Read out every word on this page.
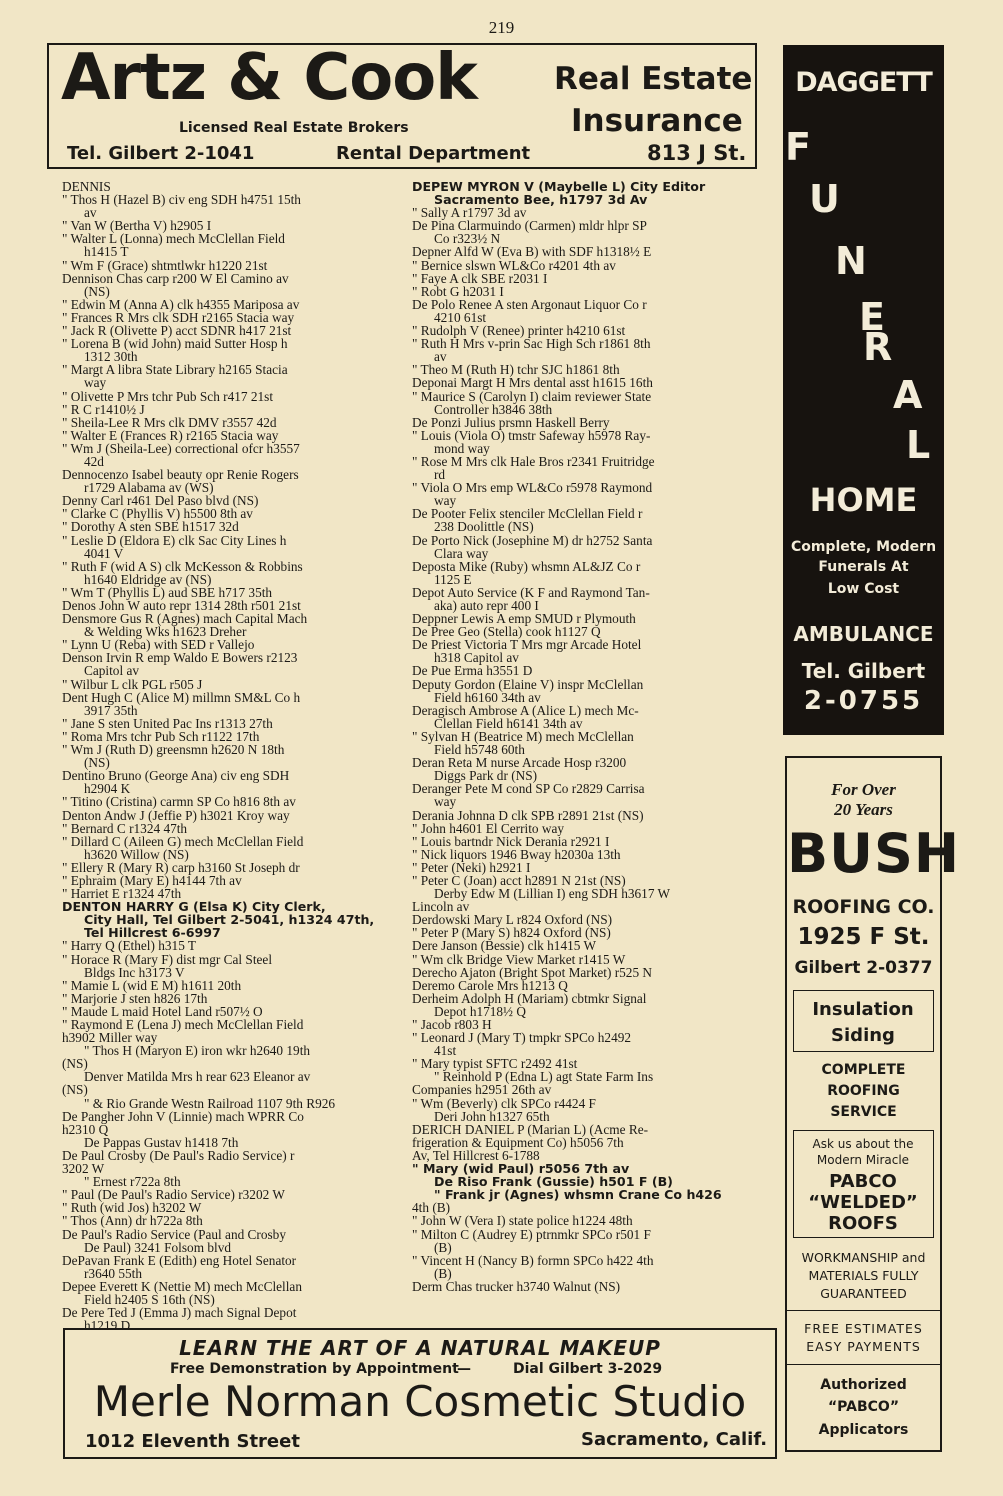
219
Artz & Cook Real Estate
Insurance
Licensed Real Estate Brokers
Tel. Gilbert 2-1041	Rental Department	813 J St.
DAGGETT
F
U
N
E
R
A
L
HOME
Complete, Modern
Funerals At
Low Cost
AMBULANCE
Tel. Gilbert
2-0755
For Over
20 Years
BUSH
ROOFING CO.
1925 F St.
Gilbert 2-0377
Insulation
Siding
COMPLETE
ROOFING
SERVICE
Ask us about the
Modern Miracle
PABCO
“WELDED”
ROOFS
WORKMANSHIP and
MATERIALS FULLY
GUARANTEED
FREE ESTIMATES
EASY PAYMENTS
Authorized
“PABCO”
Applicators
DENNIS
" Thos H (Hazel B) civ eng SDH h4751 15th
av
" Van W (Bertha V) h2905 I
" Walter L (Lonna) mech McClellan Field
h1415 T
" Wm F (Grace) shtmtlwkr h1220 21st
Dennison Chas carp r200 W El Camino av
(NS)
" Edwin M (Anna A) clk h4355 Mariposa av
" Frances R Mrs clk SDH r2165 Stacia way
" Jack R (Olivette P) acct SDNR h417 21st
" Lorena B (wid John) maid Sutter Hosp h
1312 30th
" Margt A libra State Library h2165 Stacia
way
" Olivette P Mrs tchr Pub Sch r417 21st
" R C r1410½ J
" Sheila-Lee R Mrs clk DMV r3557 42d
" Walter E (Frances R) r2165 Stacia way
" Wm J (Sheila-Lee) correctional ofcr h3557
42d
Dennocenzo Isabel beauty opr Renie Rogers
r1729 Alabama av (WS)
Denny Carl r461 Del Paso blvd (NS)
" Clarke C (Phyllis V) h5500 8th av
" Dorothy A sten SBE h1517 32d
" Leslie D (Eldora E) clk Sac City Lines h
4041 V
" Ruth F (wid A S) clk McKesson & Robbins
h1640 Eldridge av (NS)
" Wm T (Phyllis L) aud SBE h717 35th
Denos John W auto repr 1314 28th r501 21st
Densmore Gus R (Agnes) mach Capital Mach
& Welding Wks h1623 Dreher
" Lynn U (Reba) with SED r Vallejo
Denson Irvin R emp Waldo E Bowers r2123
Capitol av
" Wilbur L clk PGL r505 J
Dent Hugh C (Alice M) millmn SM&L Co h
3917 35th
" Jane S sten United Pac Ins r1313 27th
" Roma Mrs tchr Pub Sch r1122 17th
" Wm J (Ruth D) greensmn h2620 N 18th
(NS)
Dentino Bruno (George Ana) civ eng SDH
h2904 K
" Titino (Cristina) carmn SP Co h816 8th av
Denton Andw J (Jeffie P) h3021 Kroy way
" Bernard C r1324 47th
" Dillard C (Aileen G) mech McClellan Field
h3620 Willow (NS)
" Ellery R (Mary R) carp h3160 St Joseph dr
" Ephraim (Mary E) h4144 7th av
" Harriet E r1324 47th
DENTON HARRY G (Elsa K) City Clerk,
City Hall, Tel Gilbert 2-5041, h1324 47th,
Tel Hillcrest 6-6997
" Harry Q (Ethel) h315 T
" Horace R (Mary F) dist mgr Cal Steel
Bldgs Inc h3173 V
" Mamie L (wid E M) h1611 20th
" Marjorie J sten h826 17th
" Maude L maid Hotel Land r507½ O
" Raymond E (Lena J) mech McClellan Field
h3902 Miller way
" Thos H (Maryon E) iron wkr h2640 19th
(NS)
Denver Matilda Mrs h rear 623 Eleanor av
(NS)
" & Rio Grande Westn Railroad 1107 9th R926
De Pangher John V (Linnie) mach WPRR Co
h2310 Q
De Pappas Gustav h1418 7th
De Paul Crosby (De Paul's Radio Service) r
3202 W
" Ernest r722a 8th
" Paul (De Paul's Radio Service) r3202 W
" Ruth (wid Jos) h3202 W
" Thos (Ann) dr h722a 8th
De Paul's Radio Service (Paul and Crosby
De Paul) 3241 Folsom blvd
DePavan Frank E (Edith) eng Hotel Senator
r3640 55th
Depee Everett K (Nettie M) mech McClellan
Field h2405 S 16th (NS)
De Pere Ted J (Emma J) mach Signal Depot
h1219 D
DEPEW MYRON V (Maybelle L) City Editor
Sacramento Bee, h1797 3d Av
" Sally A r1797 3d av
De Pina Clarmuindo (Carmen) mldr hlpr SP
Co r323½ N
Depner Alfd W (Eva B) with SDF h1318½ E
" Bernice slswn WL&Co r4201 4th av
" Faye A clk SBE r2031 I
" Robt G h2031 I
De Polo Renee A sten Argonaut Liquor Co r
4210 61st
" Rudolph V (Renee) printer h4210 61st
" Ruth H Mrs v-prin Sac High Sch r1861 8th
av
" Theo M (Ruth H) tchr SJC h1861 8th
Deponai Margt H Mrs dental asst h1615 16th
" Maurice S (Carolyn I) claim reviewer State
Controller h3846 38th
De Ponzi Julius prsmn Haskell Berry
" Louis (Viola O) tmstr Safeway h5978 Ray-
mond way
" Rose M Mrs clk Hale Bros r2341 Fruitridge
rd
" Viola O Mrs emp WL&Co r5978 Raymond
way
De Pooter Felix stenciler McClellan Field r
238 Doolittle (NS)
De Porto Nick (Josephine M) dr h2752 Santa
Clara way
Deposta Mike (Ruby) whsmn AL&JZ Co r
1125 E
Depot Auto Service (K F and Raymond Tan-
aka) auto repr 400 I
Deppner Lewis A emp SMUD r Plymouth
De Pree Geo (Stella) cook h1127 Q
De Priest Victoria T Mrs mgr Arcade Hotel
h318 Capitol av
De Pue Erma h3551 D
Deputy Gordon (Elaine V) inspr McClellan
Field h6160 34th av
Deragisch Ambrose A (Alice L) mech Mc-
Clellan Field h6141 34th av
" Sylvan H (Beatrice M) mech McClellan
Field h5748 60th
Deran Reta M nurse Arcade Hosp r3200
Diggs Park dr (NS)
Deranger Pete M cond SP Co r2829 Carrisa
way
Derania Johnna D clk SPB r2891 21st (NS)
" John h4601 El Cerrito way
" Louis bartndr Nick Derania r2921 I
" Nick liquors 1946 Bway h2030a 13th
" Peter (Neki) h2921 I
" Peter C (Joan) acct h2891 N 21st (NS)
Derby Edw M (Lillian I) eng SDH h3617 W
Lincoln av
Derdowski Mary L r824 Oxford (NS)
" Peter P (Mary S) h824 Oxford (NS)
Dere Janson (Bessie) clk h1415 W
" Wm clk Bridge View Market r1415 W
Derecho Ajaton (Bright Spot Market) r525 N
Deremo Carole Mrs h1213 Q
Derheim Adolph H (Mariam) cbtmkr Signal
Depot h1718½ Q
" Jacob r803 H
" Leonard J (Mary T) tmpkr SPCo h2492
41st
" Mary typist SFTC r2492 41st
" Reinhold P (Edna L) agt State Farm Ins
Companies h2951 26th av
" Wm (Beverly) clk SPCo r4424 F
Deri John h1327 65th
DERICH DANIEL P (Marian L) (Acme Re-
frigeration & Equipment Co) h5056 7th
Av, Tel Hillcrest 6-1788
" Mary (wid Paul) r5056 7th av
De Riso Frank (Gussie) h501 F (B)
" Frank jr (Agnes) whsmn Crane Co h426
4th (B)
" John W (Vera I) state police h1224 48th
" Milton C (Audrey E) ptrnmkr SPCo r501 F
(B)
" Vincent H (Nancy B) formn SPCo h422 4th
(B)
Derm Chas trucker h3740 Walnut (NS)
LEARN THE ART OF A NATURAL MAKEUP
Free Demonstration by Appointment
—	Dial Gilbert 3-2029
Merle Norman Cosmetic Studio
1012 Eleventh Street	Sacramento, Calif.
